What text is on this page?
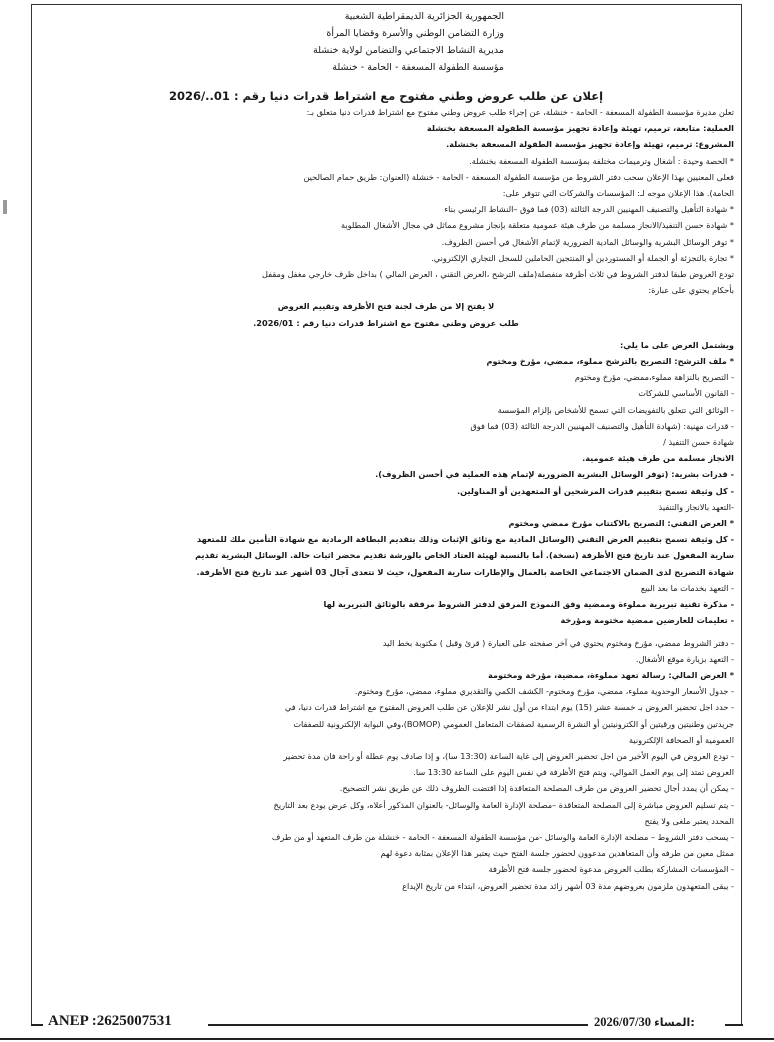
الجمهورية الجزائرية الديمقراطية الشعبية
وزارة التضامن الوطني والأسرة وقضايا المرأة
مديرية النشاط الاجتماعي والتضامن لولاية خنشلة
مؤسسة الطفولة المسعفة - الحامة - خنشلة
إعلان عن طلب عروض وطني مفتوح مع اشتراط قدرات دنيا رقم : 01../2026
تعلن مديرة مؤسسة الطفولة المسعفة - الحامة - خنشلة، عن إجراء طلب عروض وطني مفتوح مع اشتراط قدرات دنيا متعلق بـ:
العملية: متابعة، ترميم، تهيئة وإعادة تجهيز مؤسسة الطفولة المسعفة بخنشلة
المشروع: ترميم، تهيئة وإعادة تجهيز مؤسسة الطفولة المسعفة بخنشلة.
* الحصة وحيدة : أشغال وترميمات مختلفة بمؤسسة الطفولة المسعفة بخنشلة.
فعلى المعنيين بهذا الإعلان سحب دفتر الشروط من مؤسسة الطفولة المسعفة - الحامة - خنشلة (العنوان: طريق حمام الصالحين
الحامة). هذا الإعلان موجه لـ: المؤسسات والشركات التي تتوفر على:
* شهادة التأهيل والتصنيف المهنيين الدرجة الثالثة (03) فما فوق –النشاط الرئيسي بناء
* شهادة حسن التنفيذ/الانجاز مسلمة من طرف هيئة عمومية متعلقة بإنجاز مشروع مماثل في مجال الأشغال المطلوبة
* توفر الوسائل البشرية والوسائل المادية الضرورية لإتمام الأشغال في أحسن الظروف.
* تجارة بالتجزئة أو الجملة أو المستوردين أو المنتجين الحاملين للسجل التجاري الإلكتروني.
تودع العروض طبقا لدفتر الشروط في ثلاث أظرفة منفصلة(ملف الترشح ،العرض التقني ، العرض المالي ) بداخل ظرف خارجي مغفل ومقفل
بأحكام يحتوي على عبارة:
لا يفتح إلا من طرف لجنة فتح الأظرفة وتقييم العروض
طلب عروض وطني مفتوح مع اشتراط قدرات دنيا رقم : 2026/01.
ويشتمل العرض على ما يلي:
* ملف الترشح: التصريح بالترشح مملوء، ممضي، مؤرخ ومختوم
- التصريح بالنزاهة مملوء،ممضي، مؤرخ ومختوم
- القانون الأساسي للشركات
- الوثائق التي تتعلق بالتفويضات التي تسمح للأشخاص بإلزام المؤسسة
- قدرات مهنية: (شهادة التأهيل والتصنيف المهنيين الدرجة الثالثة (03) فما فوق
شهادة حسن التنفيذ /
الانجاز مسلمة من طرف هيئة عمومية.
- قدرات بشرية: (توفر الوسائل البشرية الضرورية لإتمام هذه العملية في أحسن الظروف).
- كل وثيقة تسمح بتقييم قدرات المرشحين أو المتعهدين أو المناولين.
-التعهد بالانجاز والتنفيذ
* العرض التقني: التصريح بالاكتتاب مؤرخ ممضي ومختوم
- كل وثيقة تسمح بتقييم العرض التقني (الوسائل المادية مع وثائق الإثبات وذلك بتقديم البطاقة الرمادية مع شهادة التأمين ملك للمتعهد
سارية المفعول عند تاريخ فتح الأظرفة (نسخة). أما بالنسبة لهيئة العتاد الخاص بالورشة تقديم محضر اثبات حالة. الوسائل البشرية تقديم
شهادة التصريح لدى الضمان الاجتماعي الخاصة بالعمال والإطارات سارية المفعول، حيث لا تتعدى آجال 03 أشهر عند تاريخ فتح الأظرفة.
- التعهد بخدمات ما بعد البيع
- مذكرة تقنية تبريرية مملوءة وممضية وفق النموذج المرفق لدفتر الشروط مرفقة بالوثائق التبريرية لها
- تعليمات للعارضين ممضية مختومة ومؤرخة
- دفتر الشروط ممضي، مؤرخ ومختوم يحتوي في آخر صفحته على العبارة ( قرئ وقبل ) مكتوبة بخط اليد
- التعهد بزيارة موقع الأشغال.
* العرض المالي: رسالة تعهد مملوءة، ممضية، مؤرخة ومختومة
- جدول الأسعار الوحدوية مملوء، ممضي، مؤرخ ومختوم- الكشف الكمي والتقديري مملوء، ممضي، مؤرخ ومختوم.
- حدد اجل تحضير العروض بـ خمسة عشر (15) يوم ابتداء من أول نشر للإعلان عن طلب العروض المفتوح مع اشتراط قدرات دنيا، في
جريدتين وطنيتين ورقيتين أو الكترونيتين أو النشرة الرسمية لصفقات المتعامل العمومي (BOMOP)،وفي البوابة الإلكترونية للصفقات
العمومية أو الصحافة الإلكترونية
- تودع العروض في اليوم الأخير من اجل تحضير العروض إلى غاية الساعة (13:30 سا)، و إذا صادف يوم عطلة أو راحة فان مدة تحضير
العروض تمتد إلى يوم العمل الموالي، ويتم فتح الأظرفة في نفس اليوم على الساعة 13:30 سا.
- يمكن أن يمدد أجال تحضير العروض من طرف المصلحة المتعاقدة إذا اقتضت الظروف ذلك عن طريق نشر التصحيح.
- يتم تسليم العروض مباشرة إلى المصلحة المتعاقدة –مصلحة الإدارة العامة والوسائل- بالعنوان المذكور أعلاه، وكل عرض يودع بعد التاريخ
المحدد يعتبر ملغى ولا يفتح
- يسحب دفتر الشروط – مصلحة الإدارة العامة والوسائل -من مؤسسة الطفولة المسعفة - الحامة - خنشلة من طرف المتعهد أو من طرف
ممثل معين من طرفه وأن المتعاهدين مدعوون لحضور جلسة الفتح حيث يعتبر هذا الإعلان بمثابة دعوة لهم
- المؤسسات المشاركة بطلب العروض مدعوة لحضور جلسة فتح الأظرفة
- يبقى المتعهدون ملزمون بعروضهم مدة 03 أشهر زائد مدة تحضير العروض، ابتداء من تاريخ الإيداع
ANEP :2625007531	2026/07/30 المساء:
